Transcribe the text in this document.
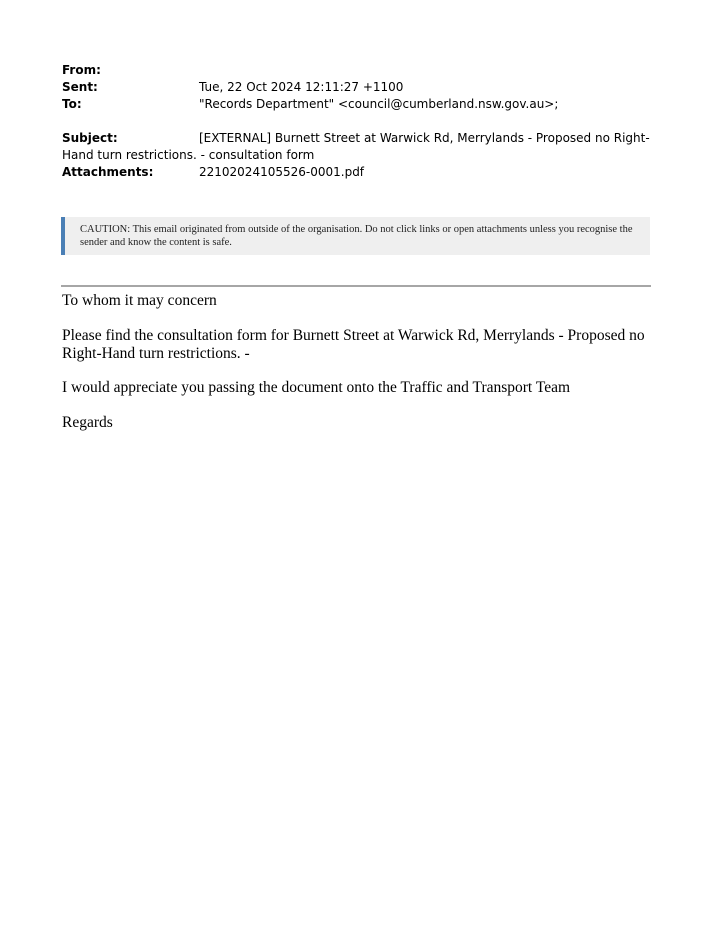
From:
Sent:	Tue, 22 Oct 2024 12:11:27 +1100
To:	"Records Department" <council@cumberland.nsw.gov.au>;
Subject:	[EXTERNAL] Burnett Street at Warwick Rd, Merrylands - Proposed no Right-
Hand turn restrictions. - consultation form
Attachments:	22102024105526-0001.pdf
CAUTION: This email originated from outside of the organisation. Do not click links or open attachments unless you recognise the sender and know the content is safe.
To whom it may concern
Please find the consultation form for Burnett Street at Warwick Rd, Merrylands - Proposed no Right-Hand turn restrictions. -
I would appreciate you passing the document onto the Traffic and Transport Team
Regards
